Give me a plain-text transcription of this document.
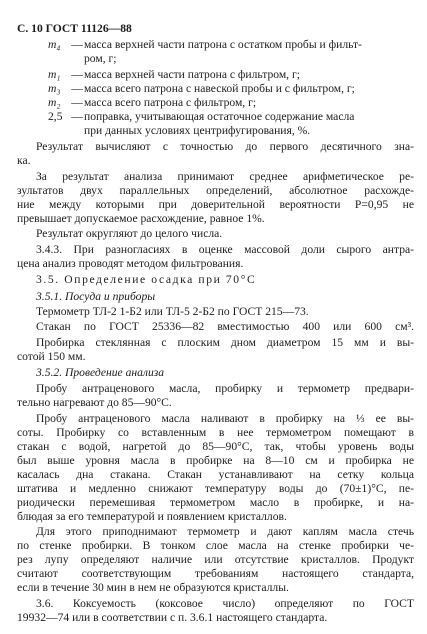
С. 10 ГОСТ 11126—88
m₄ —масса верхней части патрона с остатком пробы и фильт-
ром, г;
m₁ —масса верхней части патрона с фильтром, г;
m₃ —масса всего патрона с навеской пробы и с фильтром, г;
m₂ —масса всего патрона с фильтром, г;
2,5 —поправка, учитывающая остаточное содержание масла
при данных условиях центрифугирования, %.
Результат вычисляют с точностью до первого десятичного зна-
ка.
За результат анализа принимают среднее арифметическое ре-
зультатов двух параллельных определений, абсолютное расхожде-
ние между которыми при доверительной вероятности P=0,95 не
превышает допускаемое расхождение, равное 1%.
Результат округляют до целого числа.
3.4.3. При разногласиях в оценке массовой доли сырого антра-
цена анализ проводят методом фильтрования.
3.5. Определение осадка при 70°С
3.5.1. Посуда и приборы
Термометр ТЛ-2 1-Б2 или ТЛ-5 2-Б2 по ГОСТ 215—73.
Стакан по ГОСТ 25336—82 вместимостью 400 или 600 см³.
Пробирка стеклянная с плоским дном диаметром 15 мм и вы-
сотой 150 мм.
3.5.2. Проведение анализа
Пробу антраценового масла, пробирку и термометр предвари-
тельно нагревают до 85—90°С.
Пробу антраценового масла наливают в пробирку на ⅓ ее вы-
соты. Пробирку со вставленным в нее термометром помещают в
стакан с водой, нагретой до 85—90°С, так, чтобы уровень воды
был выше уровня масла в пробирке на 8—10 см и пробирка не
касалась дна стакана. Стакан устанавливают на сетку кольца
штатива и медленно снижают температуру воды до (70±1)°С, пе-
риодически перемешивая термометром масло в пробирке, и на-
блюдая за его температурой и появлением кристаллов.
Для этого приподнимают термометр и дают каплям масла стечь
по стенке пробирки. В тонком слое масла на стенке пробирки че-
рез лупу определяют наличие или отсутствие кристаллов. Продукт
считают соответствующим требованиям настоящего стандарта,
если в течение 30 мин в нем не образуются кристаллы.
3.6. Коксуемость (коксовое число) определяют по ГОСТ
19932—74 или в соответствии с п. 3.6.1 настоящего стандарта.
